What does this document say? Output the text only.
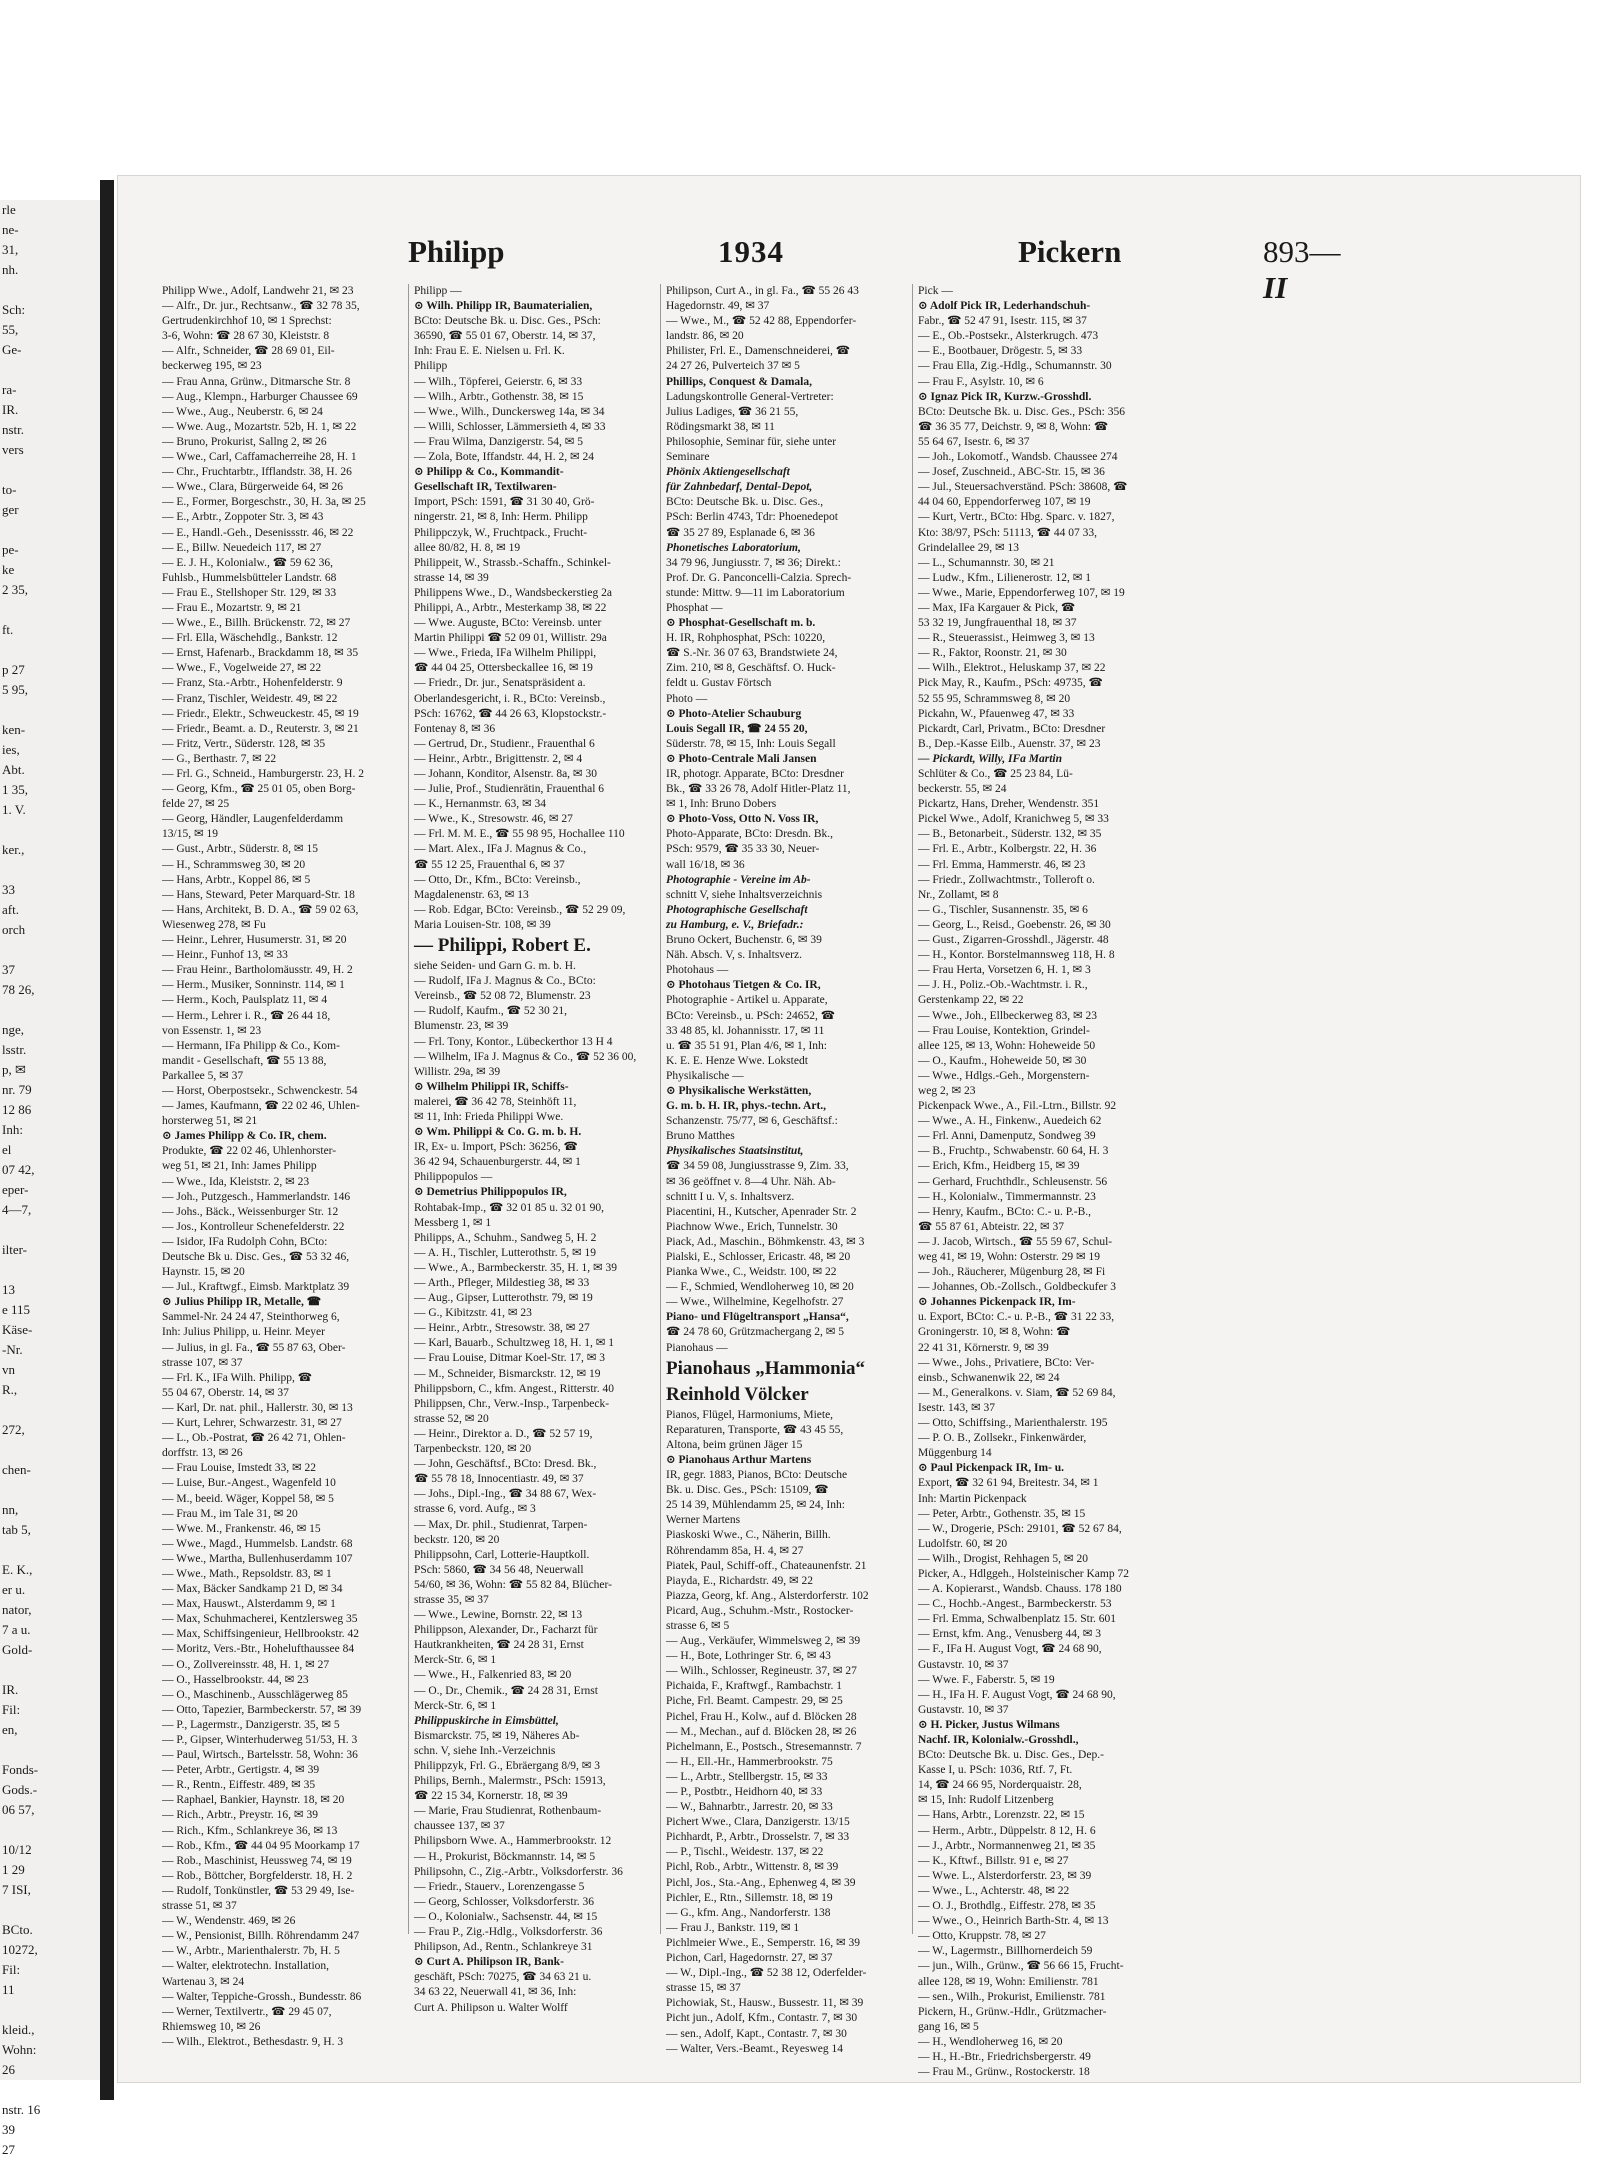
rle
ne-
31,
nh.

Sch:
55,
Ge-

ra-
IR.
nstr.
vers

to-
ger

pe-
ke
2 35,

ft.

p 27
5 95,

ken-
ies,
Abt.
1 35,
1. V.

ker.,

33
aft.
orch

37
78 26,

nge,
lsstr.
p, ✉
nr. 79
12 86
Inh:
el
07 42,
eper-
4—7,

ilter-

13
e 115
Käse-
-Nr.
vn
R.,

272,

chen-

nn,
tab 5,

E. K.,
er u.
nator,
7 a u.
Gold-

IR.
Fil:
en,

Fonds-
Gods.-
06 57,

10/12
1 29
7 ISI,

BCto.
10272,
Fil:
11

kleid.,
Wohn:
26

nstr. 16
39
27
Philipp	1934	Pickern	893—II
Philipp Wwe., Adolf, Landwehr 21, ✉ 23
— Alfr., Dr. jur., Rechtsanw., ☎ 32 78 35,
Gertrudenkirchhof 10, ✉ 1 Sprechst:
3-6, Wohn: ☎ 28 67 30, Kleiststr. 8
— Alfr., Schneider, ☎ 28 69 01, Eil-
beckerweg 195, ✉ 23
— Frau Anna, Grünw., Ditmarsche Str. 8
— Aug., Klempn., Harburger Chaussee 69
— Wwe., Aug., Neuberstr. 6, ✉ 24
— Wwe. Aug., Mozartstr. 52b, H. 1, ✉ 22
— Bruno, Prokurist, Sallng 2, ✉ 26
— Wwe., Carl, Caffamacherreihe 28, H. 1
— Chr., Fruchtarbtr., Ifflandstr. 38, H. 26
— Wwe., Clara, Bürgerweide 64, ✉ 26
— E., Former, Borgeschstr., 30, H. 3a, ✉ 25
— E., Arbtr., Zoppoter Str. 3, ✉ 43
— E., Handl.-Geh., Desenissstr. 46, ✉ 22
— E., Billw. Neuedeich 117, ✉ 27
— E. J. H., Kolonialw., ☎ 59 62 36,
Fuhlsb., Hummelsbütteler Landstr. 68
— Frau E., Stellshoper Str. 129, ✉ 33
— Frau E., Mozartstr. 9, ✉ 21
— Wwe., E., Billh. Brückenstr. 72, ✉ 27
— Frl. Ella, Wäschehdlg., Bankstr. 12
— Ernst, Hafenarb., Brackdamm 18, ✉ 35
— Wwe., F., Vogelweide 27, ✉ 22
— Franz, Sta.-Arbtr., Hohenfelderstr. 9
— Franz, Tischler, Weidestr. 49, ✉ 22
— Friedr., Elektr., Schweuckestr. 45, ✉ 19
— Friedr., Beamt. a. D., Reuterstr. 3, ✉ 21
— Fritz, Vertr., Süderstr. 128, ✉ 35
— G., Berthastr. 7, ✉ 22
— Frl. G., Schneid., Hamburgerstr. 23, H. 2
— Georg, Kfm., ☎ 25 01 05, oben Borg-
felde 27, ✉ 25
— Georg, Händler, Laugenfelderdamm
13/15, ✉ 19
— Gust., Arbtr., Süderstr. 8, ✉ 15
— H., Schrammsweg 30, ✉ 20
— Hans, Arbtr., Koppel 86, ✉ 5
— Hans, Steward, Peter Marquard-Str. 18
— Hans, Architekt, B. D. A., ☎ 59 02 63,
Wiesenweg 278, ✉ Fu
— Heinr., Lehrer, Husumerstr. 31, ✉ 20
— Heinr., Funhof 13, ✉ 33
— Frau Heinr., Bartholomäusstr. 49, H. 2
— Herm., Musiker, Sonninstr. 114, ✉ 1
— Herm., Koch, Paulsplatz 11, ✉ 4
— Herm., Lehrer i. R., ☎ 26 44 18,
von Essenstr. 1, ✉ 23
— Hermann, IFa Philipp & Co., Kom-
mandit - Gesellschaft, ☎ 55 13 88,
Parkallee 5, ✉ 37
— Horst, Oberpostsekr., Schwenckestr. 54
— James, Kaufmann, ☎ 22 02 46, Uhlen-
horsterweg 51, ✉ 21
⊙ James Philipp & Co. IR, chem.
Produkte, ☎ 22 02 46, Uhlenhorster-
weg 51, ✉ 21, Inh: James Philipp
— Wwe., Ida, Kleiststr. 2, ✉ 23
— Joh., Putzgesch., Hammerlandstr. 146
— Johs., Bäck., Weissenburger Str. 12
— Jos., Kontrolleur Schenefelderstr. 22
— Isidor, IFa Rudolph Cohn, BCto:
Deutsche Bk u. Disc. Ges., ☎ 53 32 46,
Haynstr. 15, ✉ 20
— Jul., Kraftwgf., Eimsb. Marktplatz 39
⊙ Julius Philipp IR, Metalle, ☎
Sammel-Nr. 24 24 47, Steinthorweg 6,
Inh: Julius Philipp, u. Heinr. Meyer
— Julius, in gl. Fa., ☎ 55 87 63, Ober-
strasse 107, ✉ 37
— Frl. K., IFa Wilh. Philipp, ☎
55 04 67, Oberstr. 14, ✉ 37
— Karl, Dr. nat. phil., Hallerstr. 30, ✉ 13
— Kurt, Lehrer, Schwarzestr. 31, ✉ 27
— L., Ob.-Postrat, ☎ 26 42 71, Ohlen-
dorffstr. 13, ✉ 26
— Frau Louise, Imstedt 33, ✉ 22
— Luise, Bur.-Angest., Wagenfeld 10
— M., beeid. Wäger, Koppel 58, ✉ 5
— Frau M., im Tale 31, ✉ 20
— Wwe. M., Frankenstr. 46, ✉ 15
— Wwe., Magd., Hummelsb. Landstr. 68
— Wwe., Martha, Bullenhuserdamm 107
— Wwe., Math., Repsoldstr. 83, ✉ 1
— Max, Bäcker Sandkamp 21 D, ✉ 34
— Max, Hauswt., Alsterdamm 9, ✉ 1
— Max, Schuhmacherei, Kentzlersweg 35
— Max, Schiffsingenieur, Hellbrookstr. 42
— Moritz, Vers.-Btr., Hohelufthaussee 84
— O., Zollvereinsstr. 48, H. 1, ✉ 27
— O., Hasselbrookstr. 44, ✉ 23
— O., Maschinenb., Ausschlägerweg 85
— Otto, Tapezier, Barmbeckerstr. 57, ✉ 39
— P., Lagermstr., Danzigerstr. 35, ✉ 5
— P., Gipser, Winterhuderweg 51/53, H. 3
— Paul, Wirtsch., Bartelsstr. 58, Wohn: 36
— Peter, Arbtr., Gertigstr. 4, ✉ 39
— R., Rentn., Eiffestr. 489, ✉ 35
— Raphael, Bankier, Haynstr. 18, ✉ 20
— Rich., Arbtr., Preystr. 16, ✉ 39
— Rich., Kfm., Schlankreye 36, ✉ 13
— Rob., Kfm., ☎ 44 04 95 Moorkamp 17
— Rob., Maschinist, Heussweg 74, ✉ 19
— Rob., Böttcher, Borgfelderstr. 18, H. 2
— Rudolf, Tonkünstler, ☎ 53 29 49, Ise-
strasse 51, ✉ 37
— W., Wendenstr. 469, ✉ 26
— W., Pensionist, Billh. Röhrendamm 247
— W., Arbtr., Marienthalerstr. 7b, H. 5
— Walter, elektrotechn. Installation,
Wartenau 3, ✉ 24
— Walter, Teppiche-Grossh., Bundesstr. 86
— Werner, Textilvertr., ☎ 29 45 07,
Rhiemsweg 10, ✉ 26
— Wilh., Elektrot., Bethesdastr. 9, H. 3
Philipp —
⊙ Wilh. Philipp IR, Baumaterialien,
BCto: Deutsche Bk. u. Disc. Ges., PSch:
36590, ☎ 55 01 67, Oberstr. 14, ✉ 37,
Inh: Frau E. E. Nielsen u. Frl. K.
Philipp
— Wilh., Töpferei, Geierstr. 6, ✉ 33
— Wilh., Arbtr., Gothenstr. 38, ✉ 15
— Wwe., Wilh., Dunckersweg 14a, ✉ 34
— Willi, Schlosser, Lämmersieth 4, ✉ 33
— Frau Wilma, Danzigerstr. 54, ✉ 5
— Zola, Bote, Iffandstr. 44, H. 2, ✉ 24
⊙ Philipp & Co., Kommandit-
Gesellschaft IR, Textilwaren-
Import, PSch: 1591, ☎ 31 30 40, Grö-
ningerstr. 21, ✉ 8, Inh: Herm. Philipp
Philippczyk, W., Fruchtpack., Frucht-
allee 80/82, H. 8, ✉ 19
Philippeit, W., Strassb.-Schaffn., Schinkel-
strasse 14, ✉ 39
Philippens Wwe., D., Wandsbeckerstieg 2a
Philippi, A., Arbtr., Mesterkamp 38, ✉ 22
— Wwe. Auguste, BCto: Vereinsb. unter
Martin Philippi ☎ 52 09 01, Willistr. 29a
— Wwe., Frieda, IFa Wilhelm Philippi,
☎ 44 04 25, Ottersbeckallee 16, ✉ 19
— Friedr., Dr. jur., Senatspräsident a.
Oberlandesgericht, i. R., BCto: Vereinsb.,
PSch: 16762, ☎ 44 26 63, Klopstockstr.-
Fontenay 8, ✉ 36
— Gertrud, Dr., Studienr., Frauenthal 6
— Heinr., Arbtr., Brigittenstr. 2, ✉ 4
— Johann, Konditor, Alsenstr. 8a, ✉ 30
— Julie, Prof., Studienrätin, Frauenthal 6
— K., Hernanmstr. 63, ✉ 34
— Wwe., K., Stresowstr. 46, ✉ 27
— Frl. M. M. E., ☎ 55 98 95, Hochallee 110
— Mart. Alex., IFa J. Magnus & Co.,
☎ 55 12 25, Frauenthal 6, ✉ 37
— Otto, Dr., Kfm., BCto: Vereinsb.,
Magdalenenstr. 63, ✉ 13
— Rob. Edgar, BCto: Vereinsb., ☎ 52 29 09,
Maria Louisen-Str. 108, ✉ 39
— Philippi, Robert E.
siehe Seiden- und Garn G. m. b. H.
— Rudolf, IFa J. Magnus & Co., BCto:
Vereinsb., ☎ 52 08 72, Blumenstr. 23
— Rudolf, Kaufm., ☎ 52 30 21,
Blumenstr. 23, ✉ 39
— Frl. Tony, Kontor., Lübeckerthor 13 H 4
— Wilhelm, IFa J. Magnus & Co., ☎ 52 36 00,
Willistr. 29a, ✉ 39
⊙ Wilhelm Philippi IR, Schiffs-
malerei, ☎ 36 42 78, Steinhöft 11,
✉ 11, Inh: Frieda Philippi Wwe.
⊙ Wm. Philippi & Co. G. m. b. H.
IR, Ex- u. Import, PSch: 36256, ☎
36 42 94, Schauenburgerstr. 44, ✉ 1
Philippopulos —
⊙ Demetrius Philippopulos IR,
Rohtabak-Imp., ☎ 32 01 85 u. 32 01 90,
Messberg 1, ✉ 1
Philipps, A., Schuhm., Sandweg 5, H. 2
— A. H., Tischler, Lutterothstr. 5, ✉ 19
— Wwe., A., Barmbeckerstr. 35, H. 1, ✉ 39
— Arth., Pfleger, Mildestieg 38, ✉ 33
— Aug., Gipser, Lutterothstr. 79, ✉ 19
— G., Kibitzstr. 41, ✉ 23
— Heinr., Arbtr., Stresowstr. 38, ✉ 27
— Karl, Bauarb., Schultzweg 18, H. 1, ✉ 1
— Frau Louise, Ditmar Koel-Str. 17, ✉ 3
— M., Schneider, Bismarckstr. 12, ✉ 19
Philippsborn, C., kfm. Angest., Ritterstr. 40
Philippsen, Chr., Verw.-Insp., Tarpenbeck-
strasse 52, ✉ 20
— Heinr., Direktor a. D., ☎ 52 57 19,
Tarpenbeckstr. 120, ✉ 20
— John, Geschäftsf., BCto: Dresd. Bk.,
☎ 55 78 18, Innocentiastr. 49, ✉ 37
— Johs., Dipl.-Ing., ☎ 34 88 67, Wex-
strasse 6, vord. Aufg., ✉ 3
— Max, Dr. phil., Studienrat, Tarpen-
beckstr. 120, ✉ 20
Philippsohn, Carl, Lotterie-Hauptkoll.
PSch: 5860, ☎ 34 56 48, Neuerwall
54/60, ✉ 36, Wohn: ☎ 55 82 84, Blücher-
strasse 35, ✉ 37
— Wwe., Lewine, Bornstr. 22, ✉ 13
Philippson, Alexander, Dr., Facharzt für
Hautkrankheiten, ☎ 24 28 31, Ernst
Merck-Str. 6, ✉ 1
— Wwe., H., Falkenried 83, ✉ 20
— O., Dr., Chemik., ☎ 24 28 31, Ernst
Merck-Str. 6, ✉ 1
Philippuskirche in Eimsbüttel,
Bismarckstr. 75, ✉ 19, Näheres Ab-
schn. V, siehe Inh.-Verzeichnis
Philippzyk, Frl. G., Ebräergang 8/9, ✉ 3
Philips, Bernh., Malermstr., PSch: 15913,
☎ 22 15 34, Kornerstr. 18, ✉ 39
— Marie, Frau Studienrat, Rothenbaum-
chaussee 137, ✉ 37
Philipsborn Wwe. A., Hammerbrookstr. 12
— H., Prokurist, Böckmannstr. 14, ✉ 5
Philipsohn, C., Zig.-Arbtr., Volksdorferstr. 36
— Friedr., Stauerv., Lorenzengasse 5
— Georg, Schlosser, Volksdorferstr. 36
— O., Kolonialw., Sachsenstr. 44, ✉ 15
— Frau P., Zig.-Hdlg., Volksdorferstr. 36
Philipson, Ad., Rentn., Schlankreye 31
⊙ Curt A. Philipson IR, Bank-
geschäft, PSch: 70275, ☎ 34 63 21 u.
34 63 22, Neuerwall 41, ✉ 36, Inh:
Curt A. Philipson u. Walter Wolff
Philipson, Curt A., in gl. Fa., ☎ 55 26 43
Hagedornstr. 49, ✉ 37
— Wwe., M., ☎ 52 42 88, Eppendorfer-
landstr. 86, ✉ 20
Philister, Frl. E., Damenschneiderei, ☎
24 27 26, Pulverteich 37 ✉ 5
Phillips, Conquest & Damala,
Ladungskontrolle General-Vertreter:
Julius Ladiges, ☎ 36 21 55,
Rödingsmarkt 38, ✉ 11
Philosophie, Seminar für, siehe unter
Seminare
Phönix Aktiengesellschaft
für Zahnbedarf, Dental-Depot,
BCto: Deutsche Bk. u. Disc. Ges.,
PSch: Berlin 4743, Tdr: Phoenedepot
☎ 35 27 89, Esplanade 6, ✉ 36
Phonetisches Laboratorium,
34 79 96, Jungiusstr. 7, ✉ 36; Direkt.:
Prof. Dr. G. Panconcelli-Calzia. Sprech-
stunde: Mittw. 9—11 im Laboratorium
Phosphat —
⊙ Phosphat-Gesellschaft m. b.
H. IR, Rohphosphat, PSch: 10220,
☎ S.-Nr. 36 07 63, Brandstwiete 24,
Zim. 210, ✉ 8, Geschäftsf. O. Huck-
feldt u. Gustav Förtsch
Photo —
⊙ Photo-Atelier Schauburg
Louis Segall IR, ☎ 24 55 20,
Süderstr. 78, ✉ 15, Inh: Louis Segall
⊙ Photo-Centrale Mali Jansen
IR, photogr. Apparate, BCto: Dresdner
Bk., ☎ 33 26 78, Adolf Hitler-Platz 11,
✉ 1, Inh: Bruno Dobers
⊙ Photo-Voss, Otto N. Voss IR,
Photo-Apparate, BCto: Dresdn. Bk.,
PSch: 9579, ☎ 35 33 30, Neuer-
wall 16/18, ✉ 36
Photographie - Vereine im Ab-
schnitt V, siehe Inhaltsverzeichnis
Photographische Gesellschaft
zu Hamburg, e. V., Briefadr.:
Bruno Ockert, Buchenstr. 6, ✉ 39
Näh. Absch. V, s. Inhaltsverz.
Photohaus —
⊙ Photohaus Tietgen & Co. IR,
Photographie - Artikel u. Apparate,
BCto: Vereinsb., u. PSch: 24652, ☎
33 48 85, kl. Johannisstr. 17, ✉ 11
u. ☎ 35 51 91, Plan 4/6, ✉ 1, Inh:
K. E. E. Henze Wwe. Lokstedt
Physikalische —
⊙ Physikalische Werkstätten,
G. m. b. H. IR, phys.-techn. Art.,
Schanzenstr. 75/77, ✉ 6, Geschäftsf.:
Bruno Matthes
Physikalisches Staatsinstitut,
☎ 34 59 08, Jungiusstrasse 9, Zim. 33,
✉ 36 geöffnet v. 8—4 Uhr. Näh. Ab-
schnitt I u. V, s. Inhaltsverz.
Piacentini, H., Kutscher, Apenrader Str. 2
Piachnow Wwe., Erich, Tunnelstr. 30
Piack, Ad., Maschin., Böhmkenstr. 43, ✉ 3
Pialski, E., Schlosser, Ericastr. 48, ✉ 20
Pianka Wwe., C., Weidstr. 100, ✉ 22
— F., Schmied, Wendloherweg 10, ✉ 20
— Wwe., Wilhelmine, Kegelhofstr. 27
Piano- und Flügeltransport „Hansa“,
☎ 24 78 60, Grützmachergang 2, ✉ 5
Pianohaus —
Pianohaus „Hammonia“
Reinhold Völcker
Pianos, Flügel, Harmoniums, Miete,
Reparaturen, Transporte, ☎ 43 45 55,
Altona, beim grünen Jäger 15
⊙ Pianohaus Arthur Martens
IR, gegr. 1883, Pianos, BCto: Deutsche
Bk. u. Disc. Ges., PSch: 15109, ☎
25 14 39, Mühlendamm 25, ✉ 24, Inh:
Werner Martens
Piaskoski Wwe., C., Näherin, Billh.
Röhrendamm 85a, H. 4, ✉ 27
Piatek, Paul, Schiff-off., Chateaunenfstr. 21
Piayda, E., Richardstr. 49, ✉ 22
Piazza, Georg, kf. Ang., Alsterdorferstr. 102
Picard, Aug., Schuhm.-Mstr., Rostocker-
strasse 6, ✉ 5
— Aug., Verkäufer, Wimmelsweg 2, ✉ 39
— H., Bote, Lothringer Str. 6, ✉ 43
— Wilh., Schlosser, Regineustr. 37, ✉ 27
Pichaida, F., Kraftwgf., Rambachstr. 1
Piche, Frl. Beamt. Campestr. 29, ✉ 25
Pichel, Frau H., Kolw., auf d. Blöcken 28
— M., Mechan., auf d. Blöcken 28, ✉ 26
Pichelmann, E., Postsch., Stresemannstr. 7
— H., Ell.-Hr., Hammerbrookstr. 75
— L., Arbtr., Stellbergstr. 15, ✉ 33
— P., Postbtr., Heidhorn 40, ✉ 33
— W., Bahnarbtr., Jarrestr. 20, ✉ 33
Pichert Wwe., Clara, Danzigerstr. 13/15
Pichhardt, P., Arbtr., Drosselstr. 7, ✉ 33
— P., Tischl., Weidestr. 137, ✉ 22
Pichl, Rob., Arbtr., Wittenstr. 8, ✉ 39
Pichl, Jos., Sta.-Ang., Ephenweg 4, ✉ 39
Pichler, E., Rtn., Sillemstr. 18, ✉ 19
— G., kfm. Ang., Nandorferstr. 138
— Frau J., Bankstr. 119, ✉ 1
Pichlmeier Wwe., E., Semperstr. 16, ✉ 39
Pichon, Carl, Hagedornstr. 27, ✉ 37
— W., Dipl.-Ing., ☎ 52 38 12, Oderfelder-
strasse 15, ✉ 37
Pichowiak, St., Hausw., Bussestr. 11, ✉ 39
Picht jun., Adolf, Kfm., Contastr. 7, ✉ 30
— sen., Adolf, Kapt., Contastr. 7, ✉ 30
— Walter, Vers.-Beamt., Reyesweg 14
Pick —
⊙ Adolf Pick IR, Lederhandschuh-
Fabr., ☎ 52 47 91, Isestr. 115, ✉ 37
— E., Ob.-Postsekr., Alsterkrugch. 473
— E., Bootbauer, Drögestr. 5, ✉ 33
— Frau Ella, Zig.-Hdlg., Schumannstr. 30
— Frau F., Asylstr. 10, ✉ 6
⊙ Ignaz Pick IR, Kurzw.-Grosshdl.
BCto: Deutsche Bk. u. Disc. Ges., PSch: 356
☎ 36 35 77, Deichstr. 9, ✉ 8, Wohn: ☎
55 64 67, Isestr. 6, ✉ 37
— Joh., Lokomotf., Wandsb. Chaussee 274
— Josef, Zuschneid., ABC-Str. 15, ✉ 36
— Jul., Steuersachverständ. PSch: 38608, ☎
44 04 60, Eppendorferweg 107, ✉ 19
— Kurt, Vertr., BCto: Hbg. Sparc. v. 1827,
Kto: 38/97, PSch: 51113, ☎ 44 07 33,
Grindelallee 29, ✉ 13
— L., Schumannstr. 30, ✉ 21
— Ludw., Kfm., Lilienerostr. 12, ✉ 1
— Wwe., Marie, Eppendorferweg 107, ✉ 19
— Max, IFa Kargauer & Pick, ☎
53 32 19, Jungfrauenthal 18, ✉ 37
— R., Steuerassist., Heimweg 3, ✉ 13
— R., Faktor, Roonstr. 21, ✉ 30
— Wilh., Elektrot., Heluskamp 37, ✉ 22
Pick May, R., Kaufm., PSch: 49735, ☎
52 55 95, Schrammsweg 8, ✉ 20
Pickahn, W., Pfauenweg 47, ✉ 33
Pickardt, Carl, Privatm., BCto: Dresdner
B., Dep.-Kasse Eilb., Auenstr. 37, ✉ 23
— Pickardt, Willy, IFa Martin
Schlüter & Co., ☎ 25 23 84, Lü-
beckerstr. 55, ✉ 24
Pickartz, Hans, Dreher, Wendenstr. 351
Pickel Wwe., Adolf, Kranichweg 5, ✉ 33
— B., Betonarbeit., Süderstr. 132, ✉ 35
— Frl. E., Arbtr., Kolbergstr. 22, H. 36
— Frl. Emma, Hammerstr. 46, ✉ 23
— Friedr., Zollwachtmstr., Tolleroft o.
Nr., Zollamt, ✉ 8
— G., Tischler, Susannenstr. 35, ✉ 6
— Georg, L., Reisd., Goebenstr. 26, ✉ 30
— Gust., Zigarren-Grosshdl., Jägerstr. 48
— H., Kontor. Borstelmannsweg 118, H. 8
— Frau Herta, Vorsetzen 6, H. 1, ✉ 3
— J. H., Poliz.-Ob.-Wachtmstr. i. R.,
Gerstenkamp 22, ✉ 22
— Wwe., Joh., Ellbeckerweg 83, ✉ 23
— Frau Louise, Kontektion, Grindel-
allee 125, ✉ 13, Wohn: Hoheweide 50
— O., Kaufm., Hoheweide 50, ✉ 30
— Wwe., Hdlgs.-Geh., Morgenstern-
weg 2, ✉ 23
Pickenpack Wwe., A., Fil.-Ltrn., Billstr. 92
— Wwe., A. H., Finkenw., Auedeich 62
— Frl. Anni, Damenputz, Sondweg 39
— B., Fruchtp., Schwabenstr. 60 64, H. 3
— Erich, Kfm., Heidberg 15, ✉ 39
— Gerhard, Fruchthdlr., Schleusenstr. 56
— H., Kolonialw., Timmermannstr. 23
— Henry, Kaufm., BCto: C.- u. P.-B.,
☎ 55 87 61, Abteistr. 22, ✉ 37
— J. Jacob, Wirtsch., ☎ 55 59 67, Schul-
weg 41, ✉ 19, Wohn: Osterstr. 29 ✉ 19
— Joh., Räucherer, Mügenburg 28, ✉ Fi
— Johannes, Ob.-Zollsch., Goldbeckufer 3
⊙ Johannes Pickenpack IR, Im-
u. Export, BCto: C.- u. P.-B., ☎ 31 22 33,
Groningerstr. 10, ✉ 8, Wohn: ☎
22 41 31, Körnerstr. 9, ✉ 39
— Wwe., Johs., Privatiere, BCto: Ver-
einsb., Schwanenwik 22, ✉ 24
— M., Generalkons. v. Siam, ☎ 52 69 84,
Isestr. 143, ✉ 37
— Otto, Schiffsing., Marienthalerstr. 195
— P. O. B., Zollsekr., Finkenwärder,
Müggenburg 14
⊙ Paul Pickenpack IR, Im- u.
Export, ☎ 32 61 94, Breitestr. 34, ✉ 1
Inh: Martin Pickenpack
— Peter, Arbtr., Gothenstr. 35, ✉ 15
— W., Drogerie, PSch: 29101, ☎ 52 67 84,
Ludolfstr. 60, ✉ 20
— Wilh., Drogist, Rehhagen 5, ✉ 20
Picker, A., Hdlggeh., Holsteinischer Kamp 72
— A. Kopierarst., Wandsb. Chauss. 178 180
— C., Hochb.-Angest., Barmbeckerstr. 53
— Frl. Emma, Schwalbenplatz 15. Str. 601
— Ernst, kfm. Ang., Venusberg 44, ✉ 3
— F., IFa H. August Vogt, ☎ 24 68 90,
Gustavstr. 10, ✉ 37
— Wwe. F., Faberstr. 5, ✉ 19
— H., IFa H. F. August Vogt, ☎ 24 68 90,
Gustavstr. 10, ✉ 37
⊙ H. Picker, Justus Wilmans
Nachf. IR, Kolonialw.-Grosshdl.,
BCto: Deutsche Bk. u. Disc. Ges., Dep.-
Kasse I, u. PSch: 1036, Rtf. 7, Ft.
14, ☎ 24 66 95, Norderquaistr. 28,
✉ 15, Inh: Rudolf Litzenberg
— Hans, Arbtr., Lorenzstr. 22, ✉ 15
— Herm., Arbtr., Düppelstr. 8 12, H. 6
— J., Arbtr., Normannenweg 21, ✉ 35
— K., Kftwf., Billstr. 91 e, ✉ 27
— Wwe. L., Alsterdorferstr. 23, ✉ 39
— Wwe., L., Achterstr. 48, ✉ 22
— O. J., Brothdlg., Eiffestr. 278, ✉ 35
— Wwe., O., Heinrich Barth-Str. 4, ✉ 13
— Otto, Kruppstr. 78, ✉ 27
— W., Lagermstr., Billhornerdeich 59
— jun., Wilh., Grünw., ☎ 56 66 15, Frucht-
allee 128, ✉ 19, Wohn: Emilienstr. 781
— sen., Wilh., Prokurist, Emilienstr. 781
Pickern, H., Grünw.-Hdlr., Grützmacher-
gang 16, ✉ 5
— H., Wendloherweg 16, ✉ 20
— H., H.-Btr., Friedrichsbergerstr. 49
— Frau M., Grünw., Rostockerstr. 18
